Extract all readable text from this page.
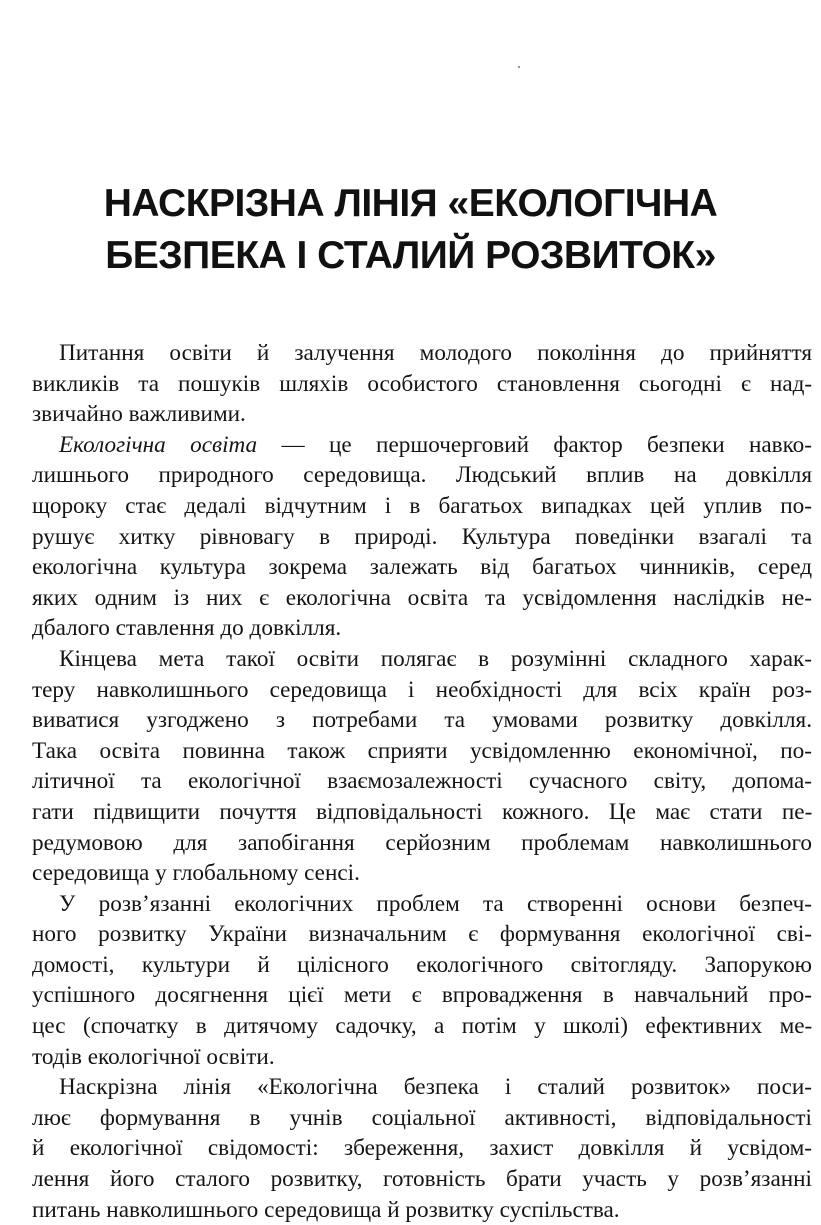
НАСКРІЗНА ЛІНІЯ «ЕКОЛОГІЧНА
БЕЗПЕКА І СТАЛИЙ РОЗВИТОК»

Питання освіти й залучення молодого покоління до прийняття
викликів та пошуків шляхів особистого становлення сьогодні є над-
звичайно важливими.

Екологічна освіта — це першочерговий фактор безпеки навко-
лишнього природного середовища. Людський вплив на довкілля
щороку стає дедалі відчутним і в багатьох випадках цей уплив по-
рушує хитку рівновагу в природі. Культура поведінки взагалі та
екологічна культура зокрема залежать від багатьох чинників, серед
яких одним із них є екологічна освіта та усвідомлення наслідків не-
дбалого ставлення до довкілля.

Кінцева мета такої освіти полягає в розумінні складного харак-
теру навколишнього середовища і необхідності для всіх країн роз-
виватися узгоджено з потребами та умовами розвитку довкілля.
Така освіта повинна також сприяти усвідомленню економічної, по-
літичної та екологічної взаємозалежності сучасного світу, допома-
гати підвищити почуття відповідальності кожного. Це має стати пе-
редумовою для запобігання серйозним проблемам навколишнього
середовища у глобальному сенсі.

У розв’язанні екологічних проблем та створенні основи безпеч-
ного розвитку України визначальним є формування екологічної сві-
домості, культури й цілісного екологічного світогляду. Запорукою
успішного досягнення цієї мети є впровадження в навчальний про-
цес (спочатку в дитячому садочку, а потім у школі) ефективних ме-
тодів екологічної освіти.

Наскрізна лінія «Екологічна безпека і сталий розвиток» поси-
лює формування в учнів соціальної активності, відповідальності
й екологічної свідомості: збереження, захист довкілля й усвідом-
лення його сталого розвитку, готовність брати участь у розв’язанні
питань навколишнього середовища й розвитку суспільства.
